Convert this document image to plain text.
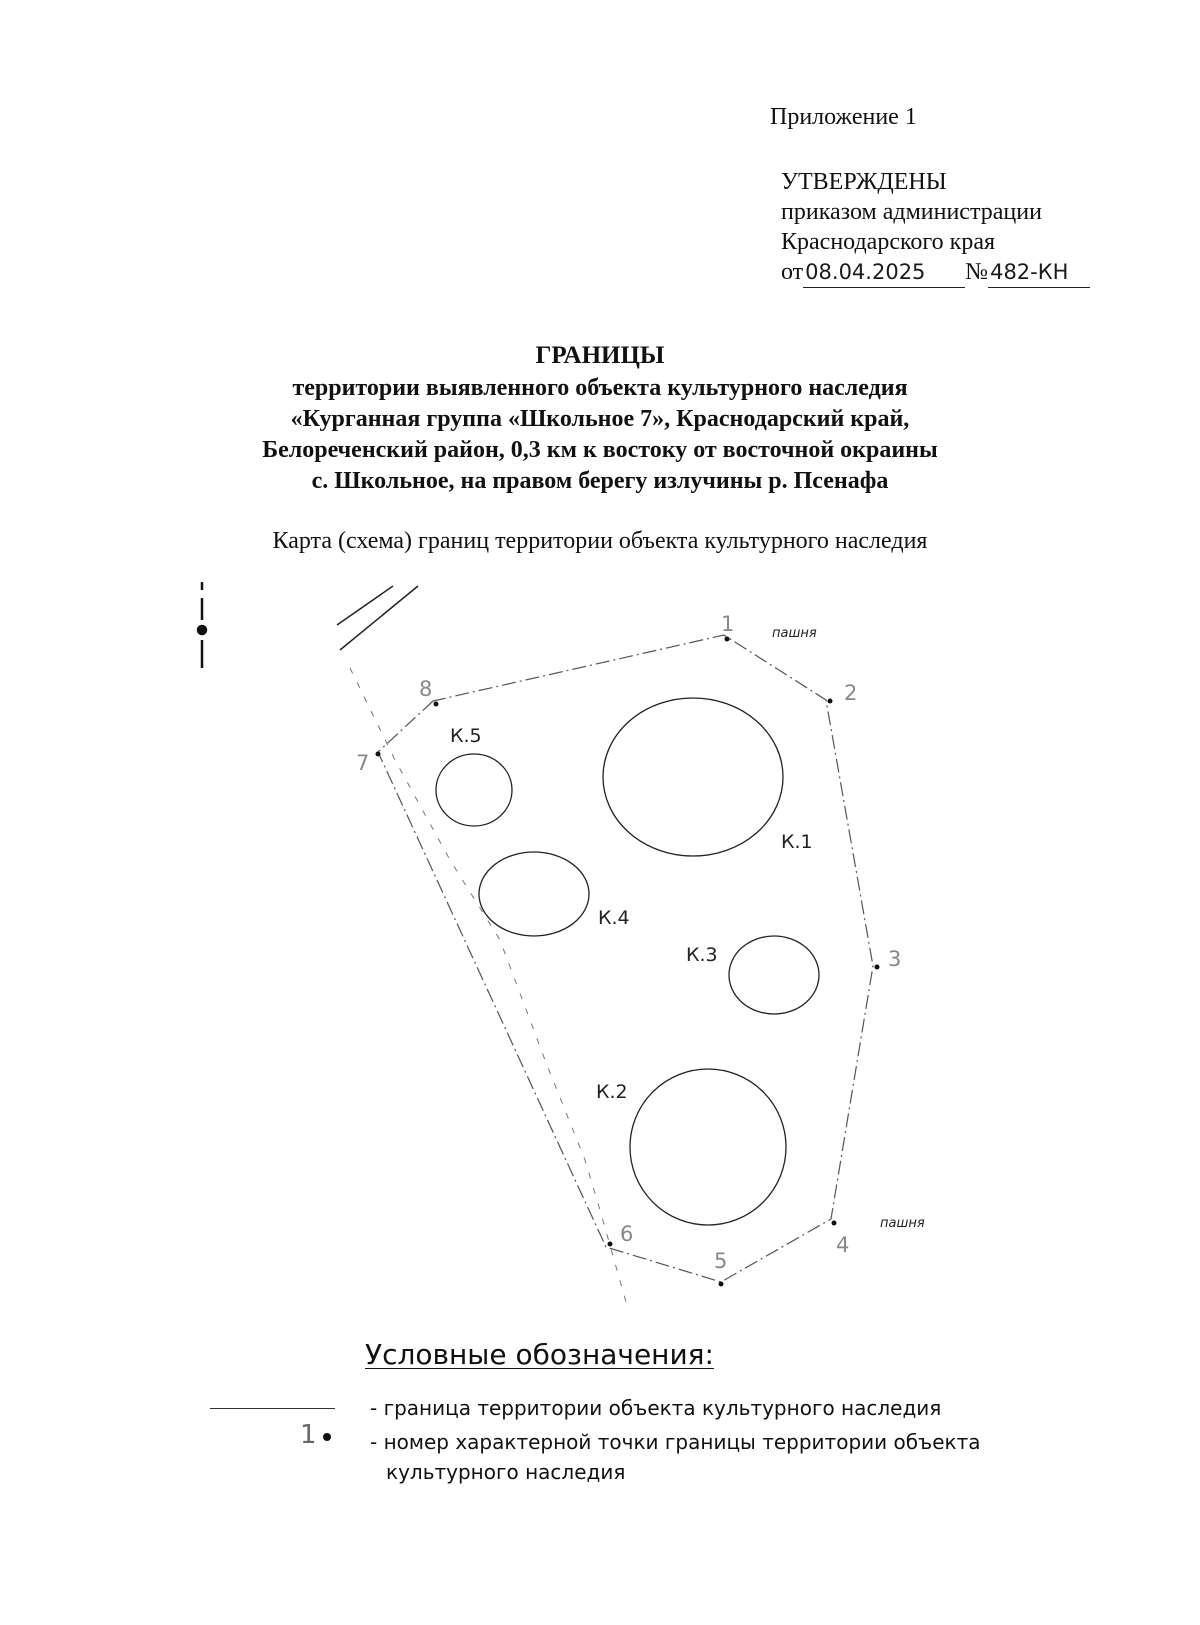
Приложение 1
УТВЕРЖДЕНЫ
приказом администрации
Краснодарского края
от08.04.2025 №482-КН
ГРАНИЦЫ
территории выявленного объекта культурного наследия
«Курганная группа «Школьное 7», Краснодарский край,
Белореченский район, 0,3 км к востоку от восточной окраины
с. Школьное, на правом берегу излучины р. Псенафа
Карта (схема) границ территории объекта культурного наследия
1
2
3
4
5
6
7
8
К.1
К.2
К.3
К.4
К.5
пашня
пашня
Условные обозначения:
- граница территории объекта культурного наследия
1	- номер характерной точки границы территории объекта
культурного наследия
